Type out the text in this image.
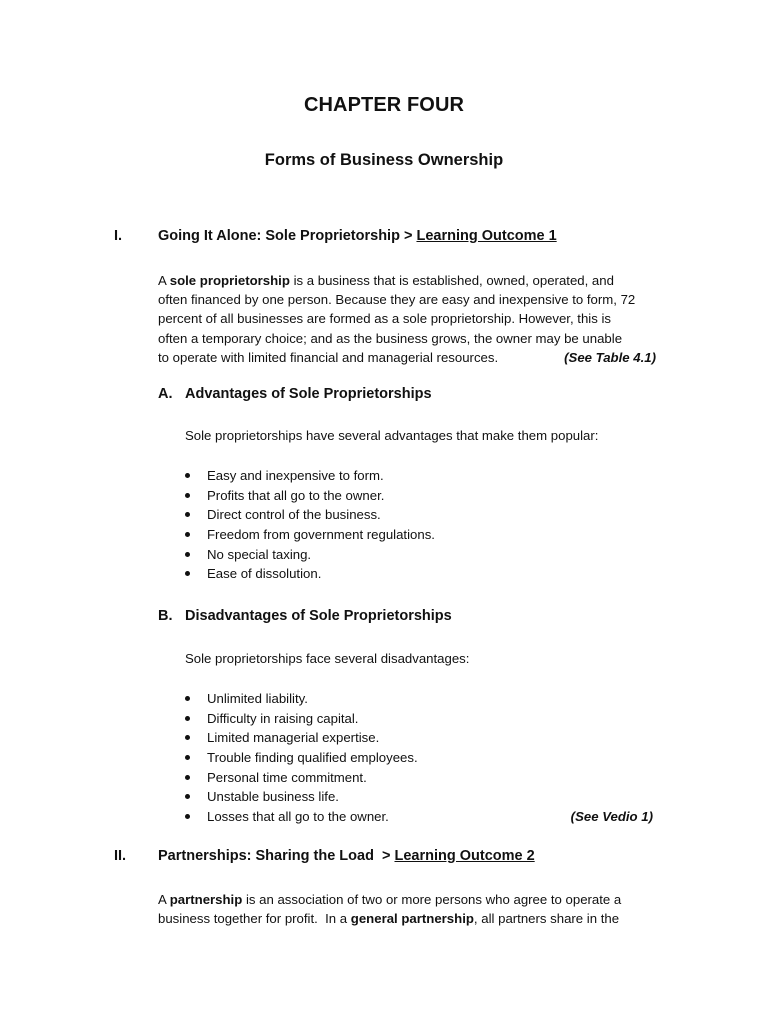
CHAPTER FOUR
Forms of Business Ownership
I. Going It Alone: Sole Proprietorship > Learning Outcome 1
A sole proprietorship is a business that is established, owned, operated, and
often financed by one person. Because they are easy and inexpensive to form, 72
percent of all businesses are formed as a sole proprietorship. However, this is
often a temporary choice; and as the business grows, the owner may be unable
to operate with limited financial and managerial resources.	(See Table 4.1)
A. Advantages of Sole Proprietorships
Sole proprietorships have several advantages that make them popular:
Easy and inexpensive to form.
Profits that all go to the owner.
Direct control of the business.
Freedom from government regulations.
No special taxing.
Ease of dissolution.
B. Disadvantages of Sole Proprietorships
Sole proprietorships face several disadvantages:
Unlimited liability.
Difficulty in raising capital.
Limited managerial expertise.
Trouble finding qualified employees.
Personal time commitment.
Unstable business life.
Losses that all go to the owner.	(See Vedio 1)
II. Partnerships: Sharing the Load  > Learning Outcome 2
A partnership is an association of two or more persons who agree to operate a
business together for profit.  In a general partnership, all partners share in the
